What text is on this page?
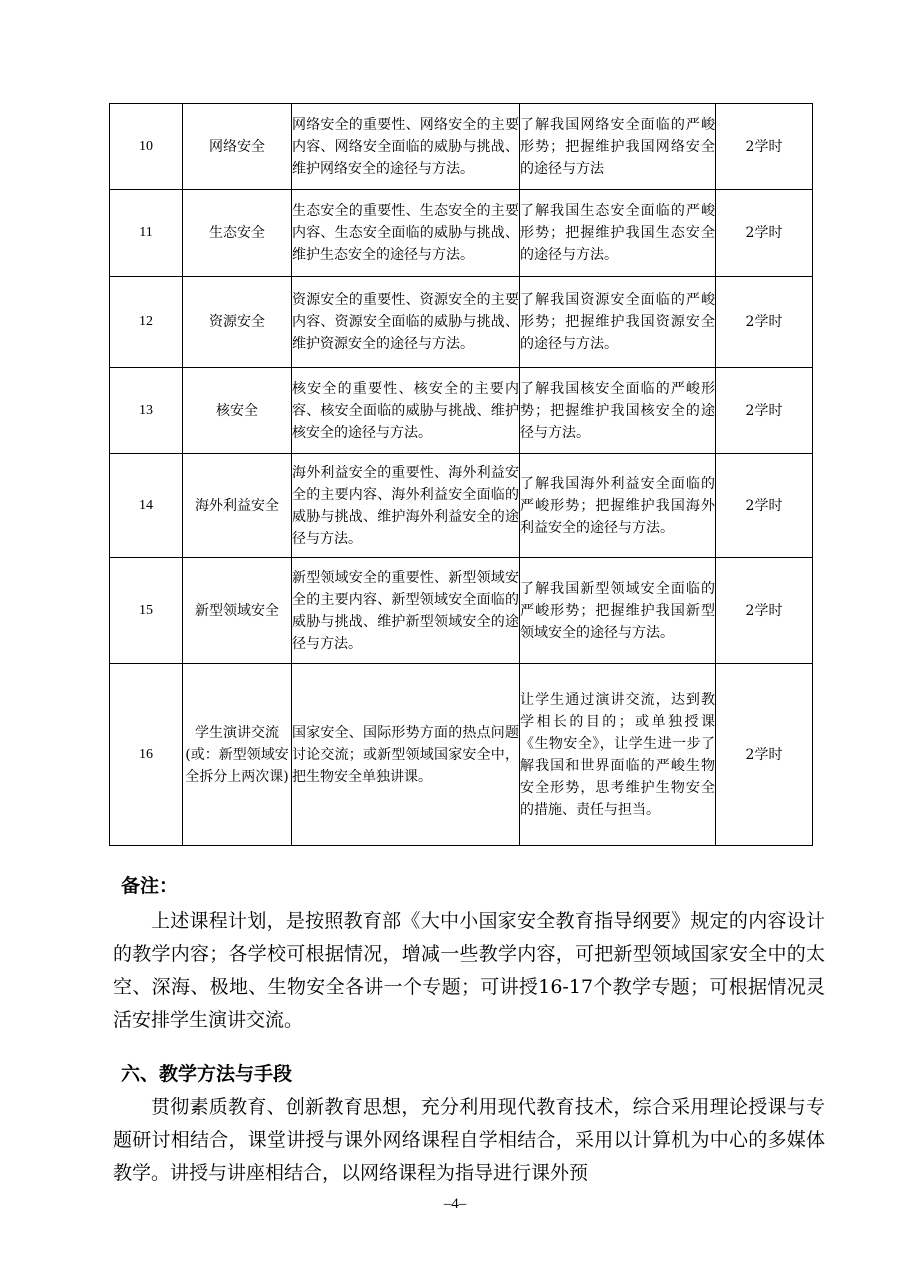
10	网络安全	网络安全的重要性、网络安全的主要内容、网络安全面临的威胁与挑战、维护网络安全的途径与方法。	了解我国网络安全面临的严峻形势；把握维护我国网络安全的途径与方法	2学时
11	生态安全	生态安全的重要性、生态安全的主要内容、生态安全面临的威胁与挑战、维护生态安全的途径与方法。	了解我国生态安全面临的严峻形势；把握维护我国生态安全的途径与方法。	2学时
12	资源安全	资源安全的重要性、资源安全的主要内容、资源安全面临的威胁与挑战、维护资源安全的途径与方法。	了解我国资源安全面临的严峻形势；把握维护我国资源安全的途径与方法。	2学时
13	核安全	核安全的重要性、核安全的主要内容、核安全面临的威胁与挑战、维护核安全的途径与方法。	了解我国核安全面临的严峻形势；把握维护我国核安全的途径与方法。	2学时
14	海外利益安全	海外利益安全的重要性、海外利益安全的主要内容、海外利益安全面临的威胁与挑战、维护海外利益安全的途径与方法。	了解我国海外利益安全面临的严峻形势；把握维护我国海外利益安全的途径与方法。	2学时
15	新型领域安全	新型领域安全的重要性、新型领域安全的主要内容、新型领域安全面临的威胁与挑战、维护新型领域安全的途径与方法。	了解我国新型领域安全面临的严峻形势；把握维护我国新型领域安全的途径与方法。	2学时
16	学生演讲交流(或：新型领域安全拆分上两次课)	国家安全、国际形势方面的热点问题讨论交流；或新型领域国家安全中，把生物安全单独讲课。	让学生通过演讲交流，达到教学相长的目的；或单独授课《生物安全》，让学生进一步了解我国和世界面临的严峻生物安全形势，思考维护生物安全的措施、责任与担当。	2学时
备注：

上述课程计划，是按照教育部《大中小国家安全教育指导纲要》规定的内容设计的教学内容；各学校可根据情况，增减一些教学内容，可把新型领域国家安全中的太空、深海、极地、生物安全各讲一个专题；可讲授16-17个教学专题；可根据情况灵活安排学生演讲交流。

六、教学方法与手段

贯彻素质教育、创新教育思想，充分利用现代教育技术，综合采用理论授课与专题研讨相结合，课堂讲授与课外网络课程自学相结合，采用以计算机为中心的多媒体教学。讲授与讲座相结合，以网络课程为指导进行课外预

–4–
